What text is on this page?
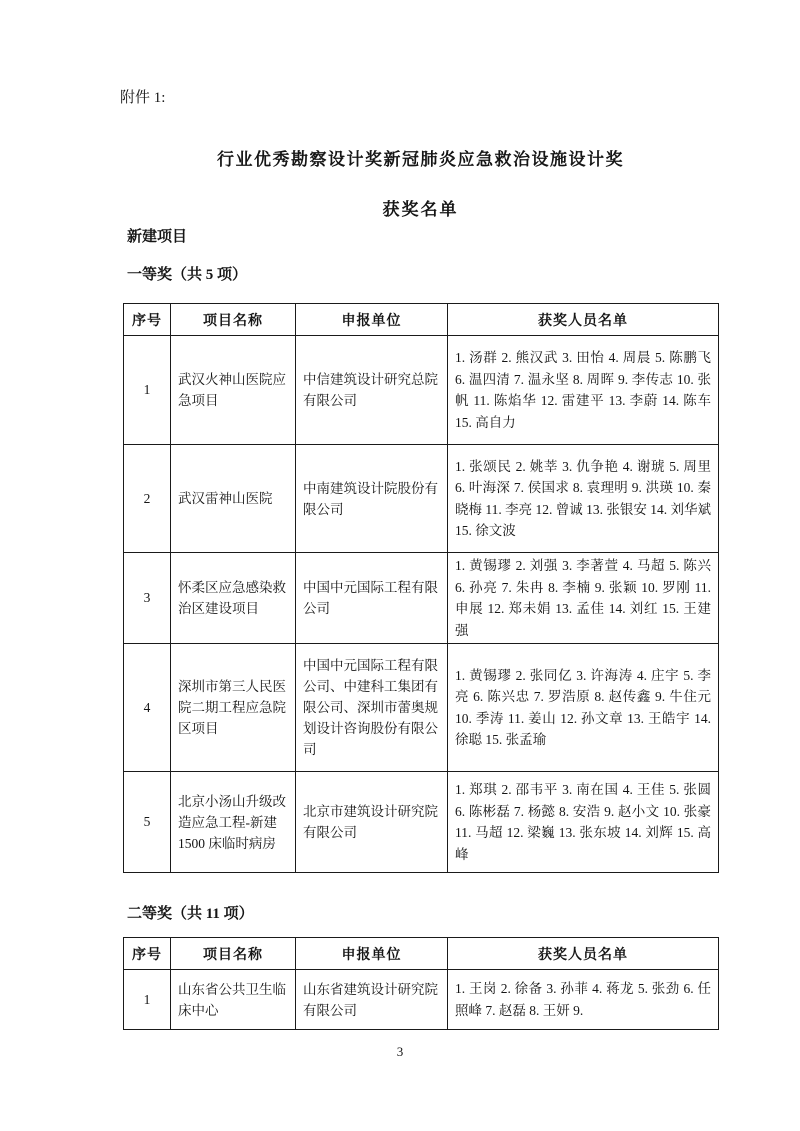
附件 1:
行业优秀勘察设计奖新冠肺炎应急救治设施设计奖
获奖名单
新建项目
一等奖（共 5 项）
序号	项目名称	申报单位	获奖人员名单
1	武汉火神山医院应急项目	中信建筑设计研究总院有限公司	1. 汤群 2. 熊汉武 3. 田怡 4. 周晨 5. 陈鹏飞 6. 温四清 7. 温永坚 8. 周晖 9. 李传志 10. 张帆 11. 陈焰华 12. 雷建平 13. 李蔚 14. 陈车 15. 高自力
2	武汉雷神山医院	中南建筑设计院股份有限公司	1. 张颂民 2. 姚莘 3. 仇争艳 4. 谢琥 5. 周里 6. 叶海深 7. 侯国求 8. 袁理明 9. 洪瑛 10. 秦晓梅 11. 李亮 12. 曾诚 13. 张银安 14. 刘华斌 15. 徐文波
3	怀柔区应急感染救治区建设项目	中国中元国际工程有限公司	1. 黄锡璆 2. 刘强 3. 李著萱 4. 马超 5. 陈兴 6. 孙亮 7. 朱冉 8. 李楠 9. 张颖 10. 罗刚 11. 申展 12. 郑未娟 13. 孟佳 14. 刘红 15. 王建强
4	深圳市第三人民医院二期工程应急院区项目	中国中元国际工程有限公司、中建科工集团有限公司、深圳市蕾奥规划设计咨询股份有限公司	1. 黄锡璆 2. 张同亿 3. 许海涛 4. 庄宇 5. 李亮 6. 陈兴忠 7. 罗浩原 8. 赵传鑫 9. 牛住元 10. 季涛 11. 姜山 12. 孙文章 13. 王皓宇 14. 徐聪 15. 张孟瑜
5	北京小汤山升级改造应急工程-新建 1500 床临时病房	北京市建筑设计研究院有限公司	1. 郑琪 2. 邵韦平 3. 南在国 4. 王佳 5. 张圆 6. 陈彬磊 7. 杨懿 8. 安浩 9. 赵小文 10. 张豪 11. 马超 12. 梁巍 13. 张东坡 14. 刘辉 15. 高峰
二等奖（共 11 项）
序号	项目名称	申报单位	获奖人员名单
1	山东省公共卫生临床中心	山东省建筑设计研究院有限公司	1. 王岗 2. 徐备 3. 孙菲 4. 蒋龙 5. 张劲 6. 任照峰 7. 赵磊 8. 王妍 9.
3
